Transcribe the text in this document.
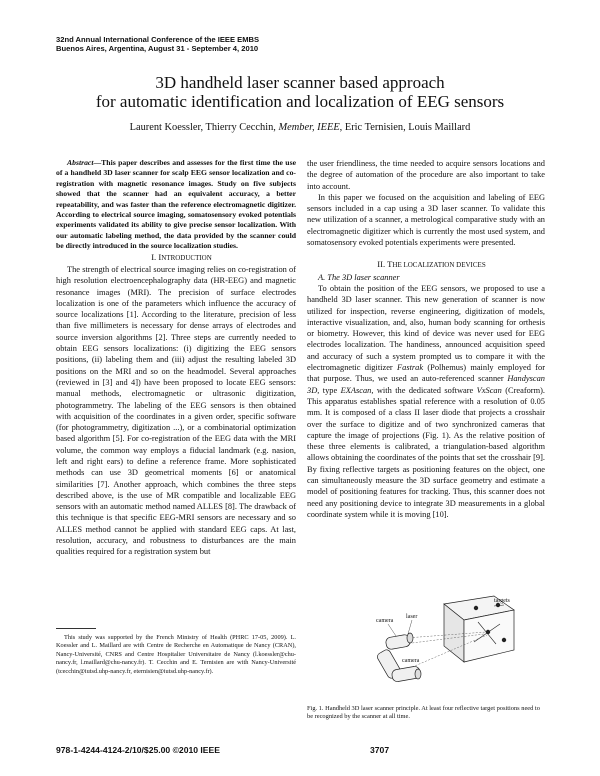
32nd Annual International Conference of the IEEE EMBS
Buenos Aires, Argentina, August 31 - September 4, 2010
3D handheld laser scanner based approach
for automatic identification and localization of EEG sensors
Laurent Koessler, Thierry Cecchin, Member, IEEE, Eric Ternisien, Louis Maillard

Abstract—This paper describes and assesses for the first time the use of a handheld 3D laser scanner for scalp EEG sensor localization and co-registration with magnetic resonance images. Study on five subjects showed that the scanner had an equivalent accuracy, a better repeatability, and was faster than the reference electromagnetic digitizer. According to electrical source imaging, somatosensory evoked potentials experiments validated its ability to give precise sensor localization. With our automatic labeling method, the data provided by the scanner could be directly introduced in the source localization studies.

I. INTRODUCTION

The strength of electrical source imaging relies on co-registration of high resolution electroencephalography data (HR-EEG) and magnetic resonance images (MRI). The precision of surface electrodes localization is one of the parameters which influence the accuracy of source localizations [1]. According to the literature, precision of less than five millimeters is necessary for dense arrays of electrodes and source inversion algorithms [2]. Three steps are currently needed to obtain EEG sensors localizations: (i) digitizing the EEG sensors positions, (ii) labeling them and (iii) adjust the resulting labeled 3D positions on the MRI and so on the headmodel. Several approaches (reviewed in [3] and 4]) have been proposed to locate EEG sensors: manual methods, electromagnetic or ultrasonic digitization, photogrammetry. The labeling of the EEG sensors is then obtained with acquisition of the coordinates in a given order, specific software (for photogrammetry, digitization ...), or a combinatorial optimization based algorithm [5]. For co-registration of the EEG data with the MRI volume, the common way employs a fiducial landmark (e.g. nasion, left and right ears) to define a reference frame. More sophisticated methods can use 3D geometrical moments [6] or anatomical similarities [7]. Another approach, which combines the three steps described above, is the use of MR compatible and localizable EEG sensors with an automatic method named ALLES [8]. The drawback of this technique is that specific EEG-MRI sensors are necessary and so ALLES method cannot be applied with standard EEG caps. At last, resolution, accuracy, and robustness to disturbances are the main qualities required for a registration system but

This study was supported by the French Ministry of Health (PHRC 17-05, 2009). L. Koessler and L. Maillard are with Centre de Recherche en Automatique de Nancy (CRAN), Nancy-Université, CNRS and Centre Hospitalier Universitaire de Nancy (l.koessler@chu-nancy.fr, l.maillard@chu-nancy.fr). T. Cecchin and E. Ternisien are with Nancy-Université (tcecchin@iutsd.uhp-nancy.fr, eternisien@iutsd.uhp-nancy.fr).

the user friendliness, the time needed to acquire sensors locations and the degree of automation of the procedure are also important to take into account.

In this paper we focused on the acquisition and labeling of EEG sensors included in a cap using a 3D laser scanner. To validate this new utilization of a scanner, a metrological comparative study with an electromagnetic digitizer which is currently the most used system, and somatosensory evoked potentials experiments were presented.

II. THE LOCALIZATION DEVICES

A. The 3D laser scanner

To obtain the position of the EEG sensors, we proposed to use a handheld 3D laser scanner. This new generation of scanner is now utilized for inspection, reverse engineering, digitization of models, interactive visualization, and, also, human body scanning for orthesis or biometry. However, this kind of device was never used for EEG electrodes localization. The handiness, announced acquisition speed and accuracy of such a system prompted us to compare it with the electromagnetic digitizer Fastrak (Polhemus) mainly employed for that purpose. Thus, we used an auto-referenced scanner Handyscan 3D, type EXAscan, with the dedicated software VxScan (Creaform). This apparatus establishes spatial reference with a resolution of 0.05 mm. It is composed of a class II laser diode that projects a crosshair over the surface to digitize and of two synchronized cameras that capture the image of projections (Fig. 1). As the relative position of these three elements is calibrated, a triangulation-based algorithm allows obtaining the coordinates of the points that set the crosshair [9]. By fixing reflective targets as positioning features on the object, one can simultaneously measure the 3D surface geometry and estimate a model of positioning features for tracking. Thus, this scanner does not need any positioning device to integrate 3D measurements in a global coordinate system while it is moving [10].

camera
laser
camera
targets
Fig. 1. Handheld 3D laser scanner principle. At least four reflective target positions need to be recognized by the scanner at all time.
978-1-4244-4124-2/10/$25.00 ©2010 IEEE	3707
